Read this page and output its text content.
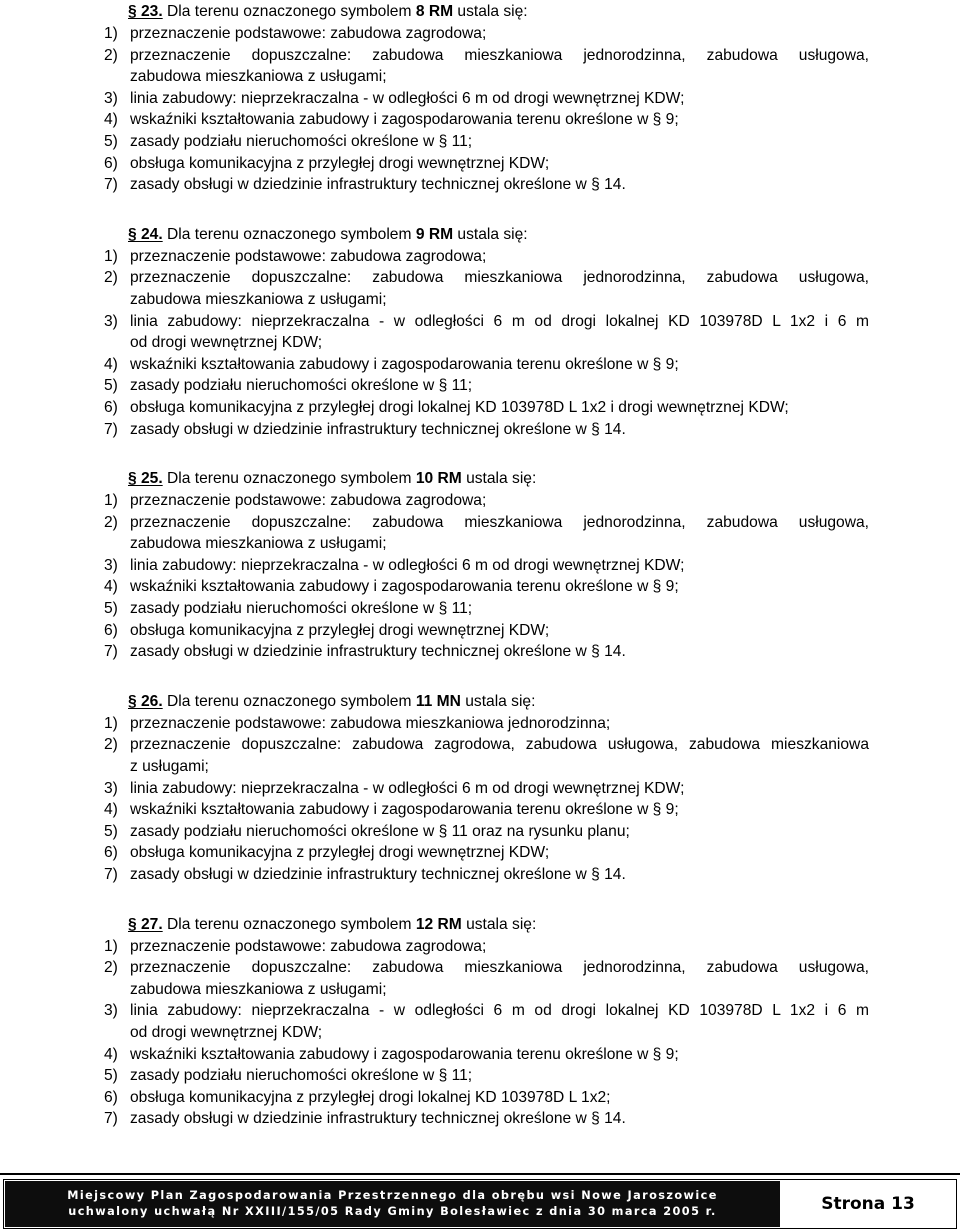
§ 23. Dla terenu oznaczonego symbolem 8 RM ustala się:
1) przeznaczenie podstawowe: zabudowa zagrodowa;
2) przeznaczenie dopuszczalne: zabudowa mieszkaniowa jednorodzinna, zabudowa usługowa,
zabudowa mieszkaniowa z usługami;
3) linia zabudowy: nieprzekraczalna - w odległości 6 m od drogi wewnętrznej KDW;
4) wskaźniki kształtowania zabudowy i zagospodarowania terenu określone w § 9;
5) zasady podziału nieruchomości określone w § 11;
6) obsługa komunikacyjna z przyległej drogi wewnętrznej KDW;
7) zasady obsługi w dziedzinie infrastruktury technicznej określone w § 14.
§ 24. Dla terenu oznaczonego symbolem 9 RM ustala się:
1) przeznaczenie podstawowe: zabudowa zagrodowa;
2) przeznaczenie dopuszczalne: zabudowa mieszkaniowa jednorodzinna, zabudowa usługowa,
zabudowa mieszkaniowa z usługami;
3) linia zabudowy: nieprzekraczalna - w odległości 6 m od drogi lokalnej KD 103978D L 1x2 i 6 m
od drogi wewnętrznej KDW;
4) wskaźniki kształtowania zabudowy i zagospodarowania terenu określone w § 9;
5) zasady podziału nieruchomości określone w § 11;
6) obsługa komunikacyjna z przyległej drogi lokalnej KD 103978D L 1x2 i drogi wewnętrznej KDW;
7) zasady obsługi w dziedzinie infrastruktury technicznej określone w § 14.
§ 25. Dla terenu oznaczonego symbolem 10 RM ustala się:
1) przeznaczenie podstawowe: zabudowa zagrodowa;
2) przeznaczenie dopuszczalne: zabudowa mieszkaniowa jednorodzinna, zabudowa usługowa,
zabudowa mieszkaniowa z usługami;
3) linia zabudowy: nieprzekraczalna - w odległości 6 m od drogi wewnętrznej KDW;
4) wskaźniki kształtowania zabudowy i zagospodarowania terenu określone w § 9;
5) zasady podziału nieruchomości określone w § 11;
6) obsługa komunikacyjna z przyległej drogi wewnętrznej KDW;
7) zasady obsługi w dziedzinie infrastruktury technicznej określone w § 14.
§ 26. Dla terenu oznaczonego symbolem 11 MN ustala się:
1) przeznaczenie podstawowe: zabudowa mieszkaniowa jednorodzinna;
2) przeznaczenie dopuszczalne: zabudowa zagrodowa, zabudowa usługowa, zabudowa mieszkaniowa
z usługami;
3) linia zabudowy: nieprzekraczalna - w odległości 6 m od drogi wewnętrznej KDW;
4) wskaźniki kształtowania zabudowy i zagospodarowania terenu określone w § 9;
5) zasady podziału nieruchomości określone w § 11 oraz na rysunku planu;
6) obsługa komunikacyjna z przyległej drogi wewnętrznej KDW;
7) zasady obsługi w dziedzinie infrastruktury technicznej określone w § 14.
§ 27. Dla terenu oznaczonego symbolem 12 RM ustala się:
1) przeznaczenie podstawowe: zabudowa zagrodowa;
2) przeznaczenie dopuszczalne: zabudowa mieszkaniowa jednorodzinna, zabudowa usługowa,
zabudowa mieszkaniowa z usługami;
3) linia zabudowy: nieprzekraczalna - w odległości 6 m od drogi lokalnej KD 103978D L 1x2 i 6 m
od drogi wewnętrznej KDW;
4) wskaźniki kształtowania zabudowy i zagospodarowania terenu określone w § 9;
5) zasady podziału nieruchomości określone w § 11;
6) obsługa komunikacyjna z przyległej drogi lokalnej KD 103978D L 1x2;
7) zasady obsługi w dziedzinie infrastruktury technicznej określone w § 14.
Miejscowy Plan Zagospodarowania Przestrzennego dla obrębu wsi Nowe Jaroszowice
uchwalony uchwałą Nr XXIII/155/05 Rady Gminy Bolesławiec z dnia 30 marca 2005 r.	Strona 13
